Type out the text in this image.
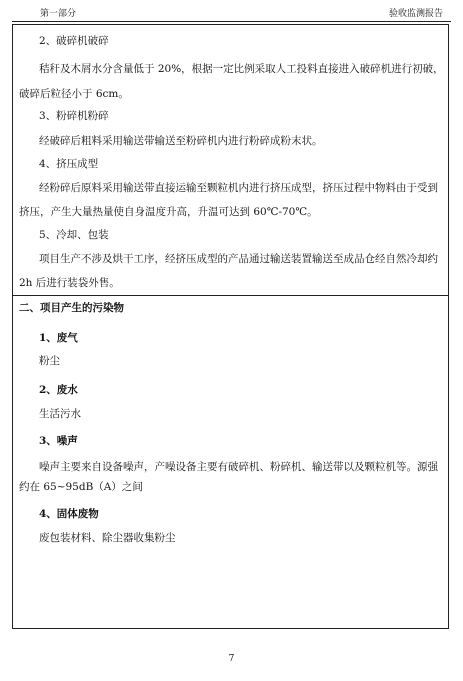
第一部分	验收监测报告
2、破碎机破碎
秸秆及木屑水分含量低于 20%，根据一定比例采取人工投料直接进入破碎机进行初破，
破碎后粒径小于 6cm。
3、粉碎机粉碎
经破碎后粗料采用输送带输送至粉碎机内进行粉碎成粉末状。
4、挤压成型
经粉碎后原料采用输送带直接运输至颗粒机内进行挤压成型，挤压过程中物料由于受到
挤压，产生大量热量使自身温度升高，升温可达到 60℃-70℃。
5、冷却、包装
项目生产不涉及烘干工序，经挤压成型的产品通过输送装置输送至成品仓经自然冷却约
2h 后进行装袋外售。
二、项目产生的污染物
1、废气
粉尘
2、废水
生活污水
3、噪声
噪声主要来自设备噪声，产噪设备主要有破碎机、粉碎机、输送带以及颗粒机等。源强
约在 65~95dB（A）之间
4、固体废物
废包装材料、除尘器收集粉尘
7
